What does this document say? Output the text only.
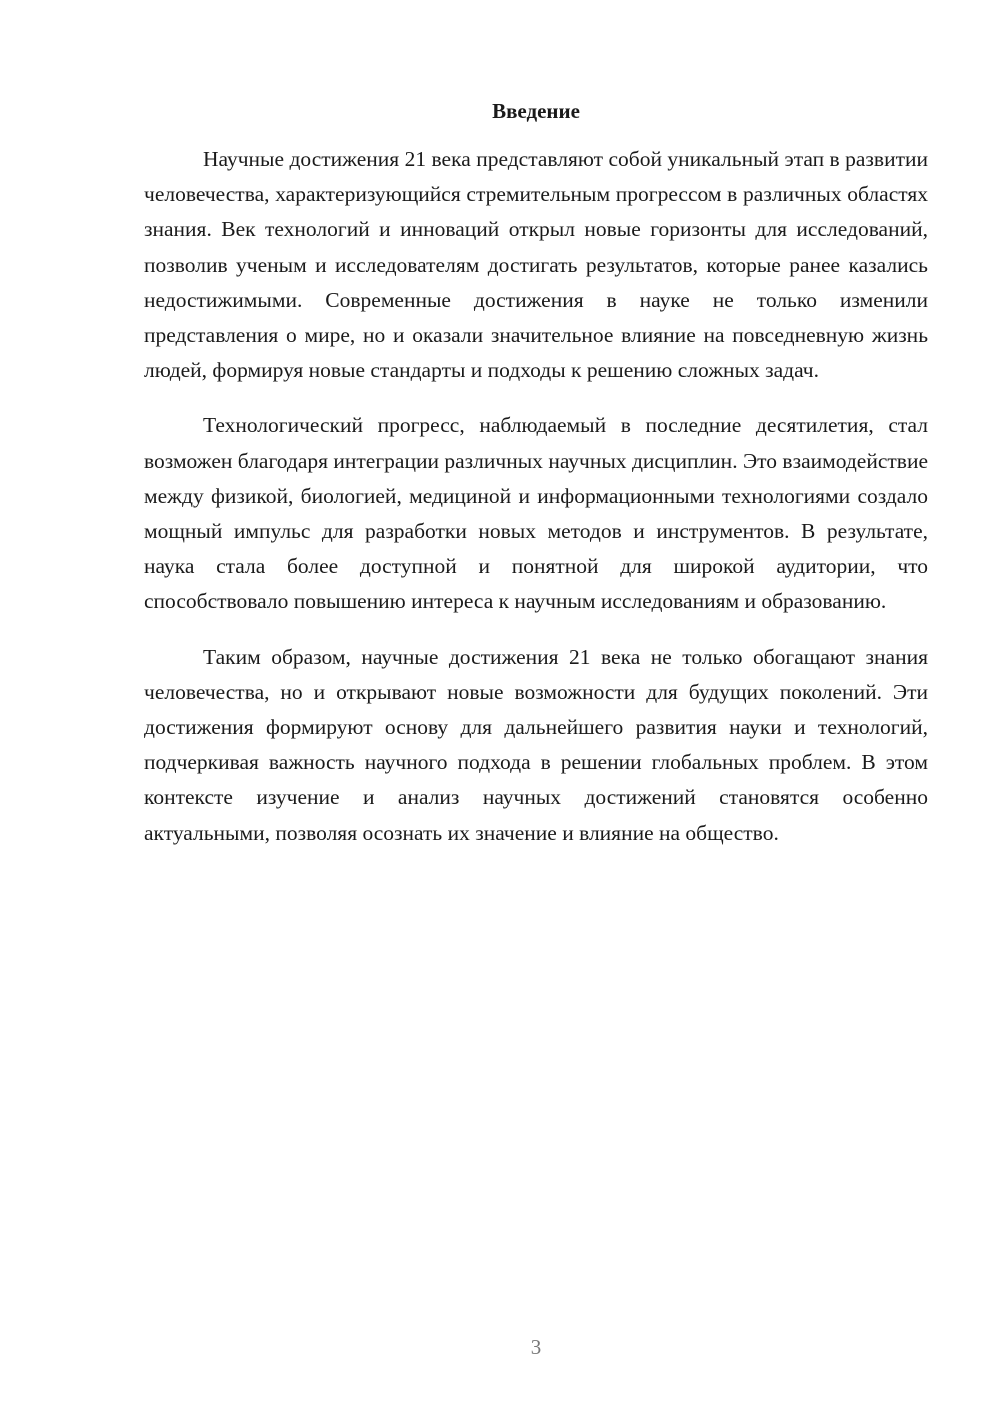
Введение

Научные достижения 21 века представляют собой уникальный этап в развитии человечества, характеризующийся стремительным прогрессом в различных областях знания. Век технологий и инноваций открыл новые горизонты для исследований, позволив ученым и исследователям достигать результатов, которые ранее казались недостижимыми. Современные достижения в науке не только изменили представления о мире, но и оказали значительное влияние на повседневную жизнь людей, формируя новые стандарты и подходы к решению сложных задач.

Технологический прогресс, наблюдаемый в последние десятилетия, стал возможен благодаря интеграции различных научных дисциплин. Это взаимодействие между физикой, биологией, медициной и информационными технологиями создало мощный импульс для разработки новых методов и инструментов. В результате, наука стала более доступной и понятной для широкой аудитории, что способствовало повышению интереса к научным исследованиям и образованию.

Таким образом, научные достижения 21 века не только обогащают знания человечества, но и открывают новые возможности для будущих поколений. Эти достижения формируют основу для дальнейшего развития науки и технологий, подчеркивая важность научного подхода в решении глобальных проблем. В этом контексте изучение и анализ научных достижений становятся особенно актуальными, позволяя осознать их значение и влияние на общество.

3
